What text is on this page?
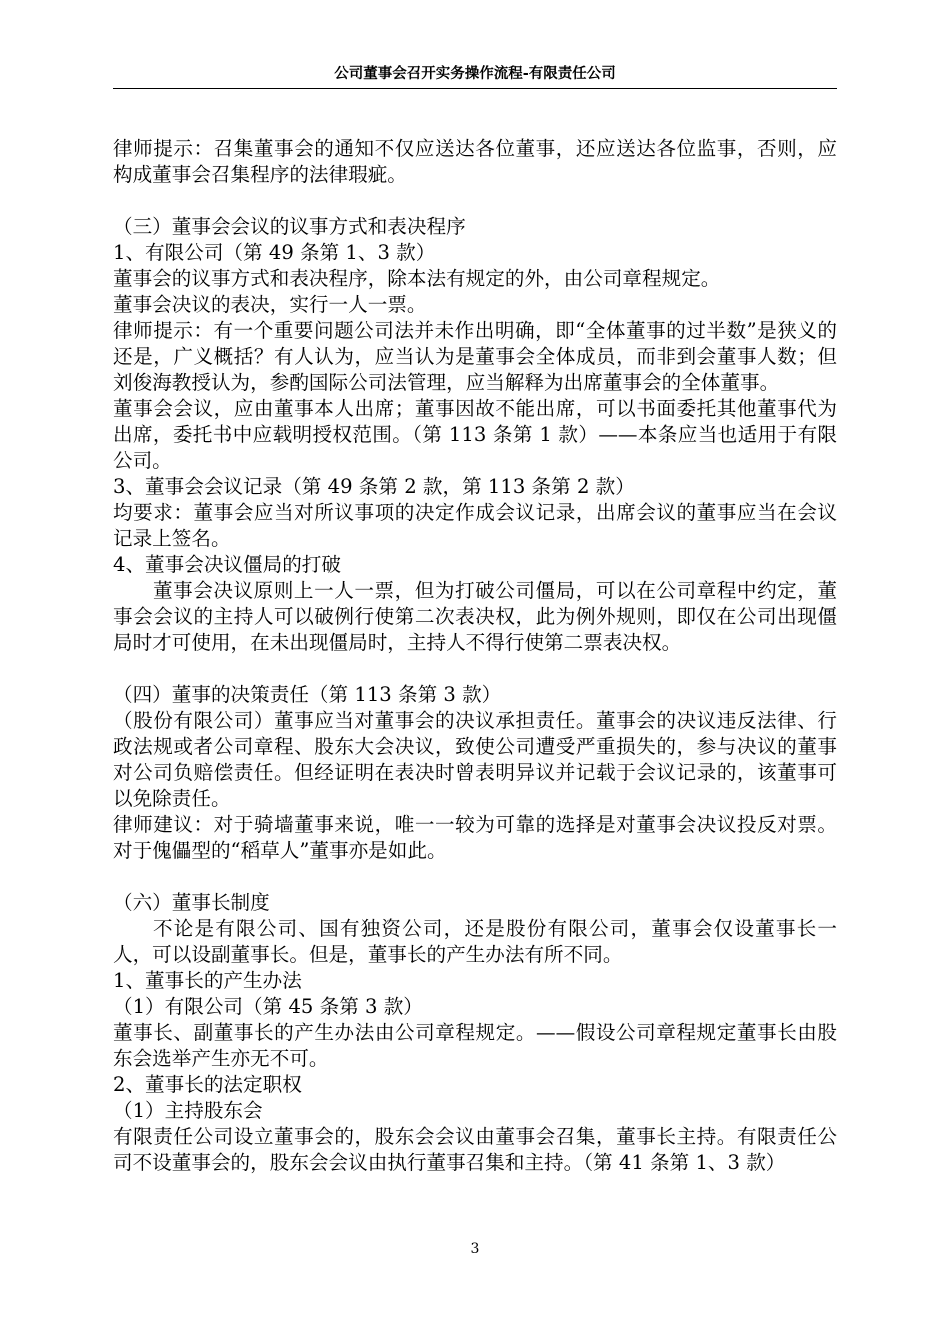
公司董事会召开实务操作流程-有限责任公司

律师提示：召集董事会的通知不仅应送达各位董事，还应送达各位监事，否则，应构成董事会召集程序的法律瑕疵。

（三）董事会会议的议事方式和表决程序

1、有限公司（第 49 条第 1、3 款）

董事会的议事方式和表决程序，除本法有规定的外，由公司章程规定。

董事会决议的表决，实行一人一票。

律师提示：有一个重要问题公司法并未作出明确，即“全体董事的过半数”是狭义的还是，广义概括？有人认为，应当认为是董事会全体成员，而非到会董事人数；但刘俊海教授认为，参酌国际公司法管理，应当解释为出席董事会的全体董事。

董事会会议，应由董事本人出席；董事因故不能出席，可以书面委托其他董事代为出席，委托书中应载明授权范围。（第 113 条第 1 款）——本条应当也适用于有限公司。

3、董事会会议记录（第 49 条第 2 款，第 113 条第 2 款）

均要求：董事会应当对所议事项的决定作成会议记录，出席会议的董事应当在会议记录上签名。

4、董事会决议僵局的打破

董事会决议原则上一人一票，但为打破公司僵局，可以在公司章程中约定，董事会会议的主持人可以破例行使第二次表决权，此为例外规则，即仅在公司出现僵局时才可使用，在未出现僵局时，主持人不得行使第二票表决权。

（四）董事的决策责任（第 113 条第 3 款）

（股份有限公司）董事应当对董事会的决议承担责任。董事会的决议违反法律、行政法规或者公司章程、股东大会决议，致使公司遭受严重损失的，参与决议的董事对公司负赔偿责任。但经证明在表决时曾表明异议并记载于会议记录的，该董事可以免除责任。

律师建议：对于骑墙董事来说，唯一一较为可靠的选择是对董事会决议投反对票。对于傀儡型的“稻草人”董事亦是如此。

（六）董事长制度

不论是有限公司、国有独资公司，还是股份有限公司，董事会仅设董事长一人，可以设副董事长。但是，董事长的产生办法有所不同。

1、董事长的产生办法

（1）有限公司（第 45 条第 3 款）

董事长、副董事长的产生办法由公司章程规定。——假设公司章程规定董事长由股东会选举产生亦无不可。

2、董事长的法定职权

（1）主持股东会

有限责任公司设立董事会的，股东会会议由董事会召集，董事长主持。有限责任公司不设董事会的，股东会会议由执行董事召集和主持。（第 41 条第 1、3 款）

3
